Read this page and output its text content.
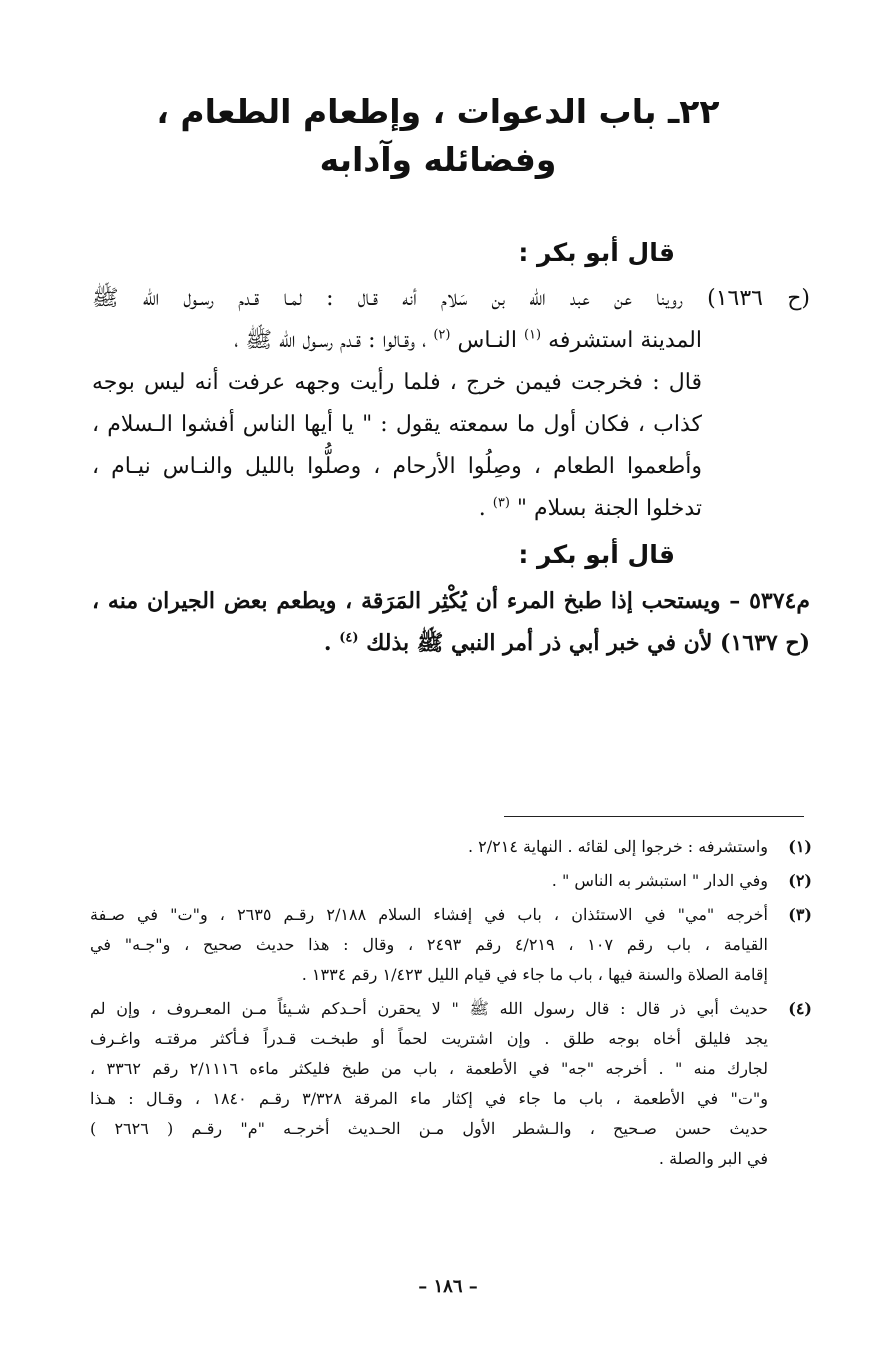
٢٢ـ باب الدعوات ، وإطعام الطعام ، وفضائله وآدابه
قال أبو بكر :

(ح ١٦٣٦) روينا عن عبد الله بن سَلام أنه قـال : لمـا قـدم رسـول الله ﷺ

المدينة استشرفه $^{(١)}$ النـاس $^{(٢)}$ ، وقـالوا : قـدم رسـول الله ﷺ ،

قال : فخرجت فيمن خرج ، فلما رأيت وجهه عرفت أنه ليس بوجه

كذاب ، فكان أول ما سمعته يقول : " يا أيها الناس أفشوا الـسلام ،

وأطعموا الطعام ، وصِلُوا الأرحام ، وصلُّوا بالليل والنـاس نيـام ،

تدخلوا الجنة بسلام " $^{(٣)}$ .

قال أبو بكر :

م٥٣٧٤ – ويستحب إذا طبخ المرء أن يُكْثِر المَرَقة ، ويطعم بعض الجيران منه ،

(ح ١٦٣٧) لأن في خبر أبي ذر أمر النبي ﷺ بذلك $^{(٤)}$ .

(١)

واستشرفه : خرجوا إلى لقائه . النهاية ٢/٢١٤ .

(٢)

وفي الدار " استبشر به الناس " .

(٣)

أخرجه "مي" في الاستئذان ، باب في إفشاء السلام ٢/١٨٨ رقـم ٢٦٣٥ ، و"ت" في صـفة

القيامة ، باب رقم ١٠٧ ، ٤/٢١٩ رقم ٢٤٩٣ ، وقال : هذا حديث صحيح ، و"جـه" في

إقامة الصلاة والسنة فيها ، باب ما جاء في قيام الليل ١/٤٢٣ رقم ١٣٣٤ .

(٤)

حديث أبي ذر قال : قال رسول الله ﷺ " لا يحقرن أحـدكم شـيئاً مـن المعـروف ، وإن لم

يجد فليلق أخاه بوجه طلق . وإن اشتريت لحماً أو طبخـت قـدراً فـأكثر مرقتـه واغـرف

لجارك منه " . أخرجه "جه" في الأطعمة ، باب من طبخ فليكثر ماءه ٢/١١١٦ رقم ٣٣٦٢ ،

و"ت" في الأطعمة ، باب ما جاء في إكثار ماء المرقة ٣/٣٢٨ رقـم ١٨٤٠ ، وقـال : هـذا

حديث حسن صـحيح ، والـشطر الأول مـن الحـديث أخرجـه "م" رقـم ( ٢٦٢٦ )

في البر والصلة .

– ١٨٦ –
